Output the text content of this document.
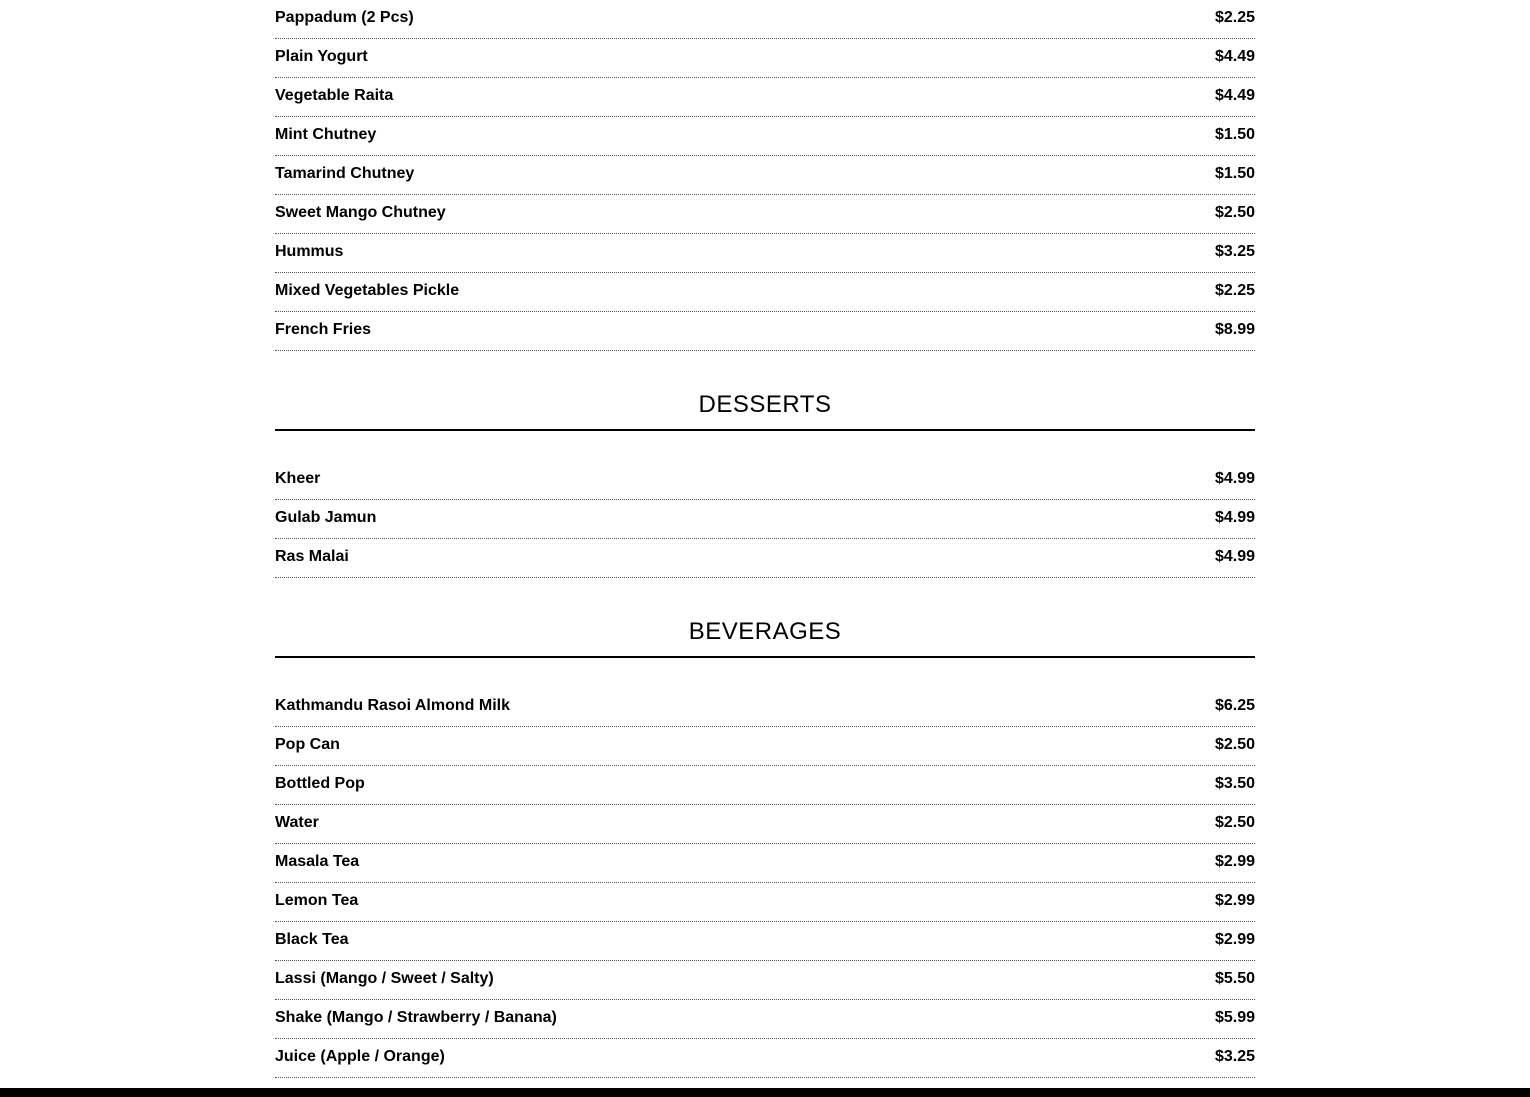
Pappadum (2 Pcs)	$2.25
Plain Yogurt	$4.49
Vegetable Raita	$4.49
Mint Chutney	$1.50
Tamarind Chutney	$1.50
Sweet Mango Chutney	$2.50
Hummus	$3.25
Mixed Vegetables Pickle	$2.25
French Fries	$8.99
DESSERTS
Kheer	$4.99
Gulab Jamun	$4.99
Ras Malai	$4.99
BEVERAGES
Kathmandu Rasoi Almond Milk	$6.25
Pop Can	$2.50
Bottled Pop	$3.50
Water	$2.50
Masala Tea	$2.99
Lemon Tea	$2.99
Black Tea	$2.99
Lassi (Mango / Sweet / Salty)	$5.50
Shake (Mango / Strawberry / Banana)	$5.99
Juice (Apple / Orange)	$3.25
